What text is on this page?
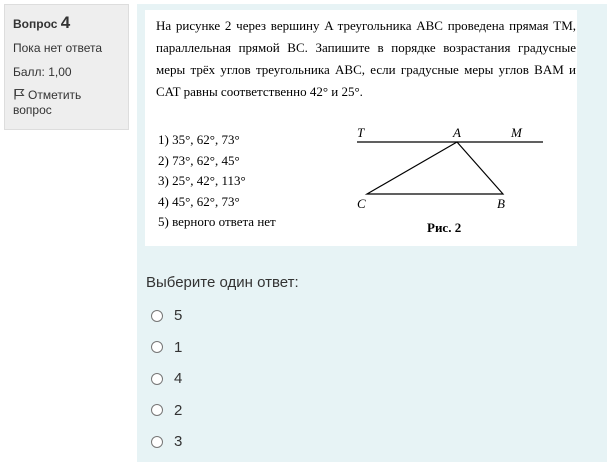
Вопрос 4
Пока нет ответа
Балл: 1,00
Отметить вопрос
На рисунке 2 через вершину A треугольника ABC проведена прямая TM, параллельная прямой BC. Запишите в порядке возрастания градусные меры трёх углов треугольника ABC, если градусные меры углов BAM и CAT равны соответственно 42° и 25°.
1) 35°, 62°, 73°
2) 73°, 62°, 45°
3) 25°, 42°, 113°
4) 45°, 62°, 73°
5) верного ответа нет
T	A	M
C	B
Рис. 2
Выберите один ответ:
5
1
4
2
3
